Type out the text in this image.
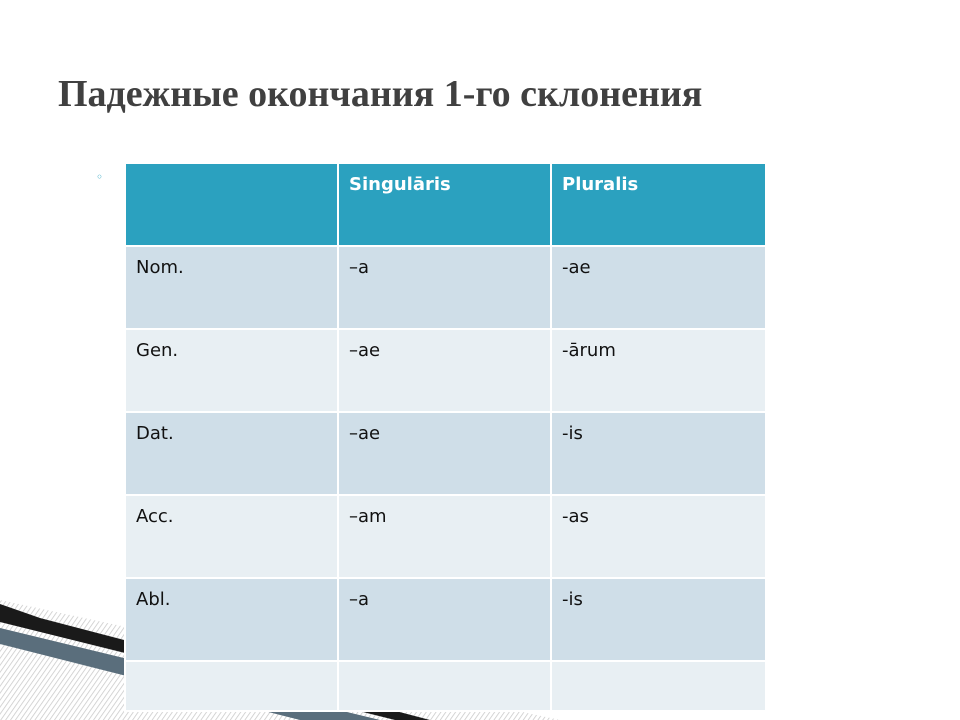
Падежные окончания 1-го склонения
◦
		Singulāris	Pluralis
Nom.	–a	-ae
Gen.	–ae	-ārum
Dat.	–ae	-is
Acc.	–am	-as
Abl.	–a	-is
